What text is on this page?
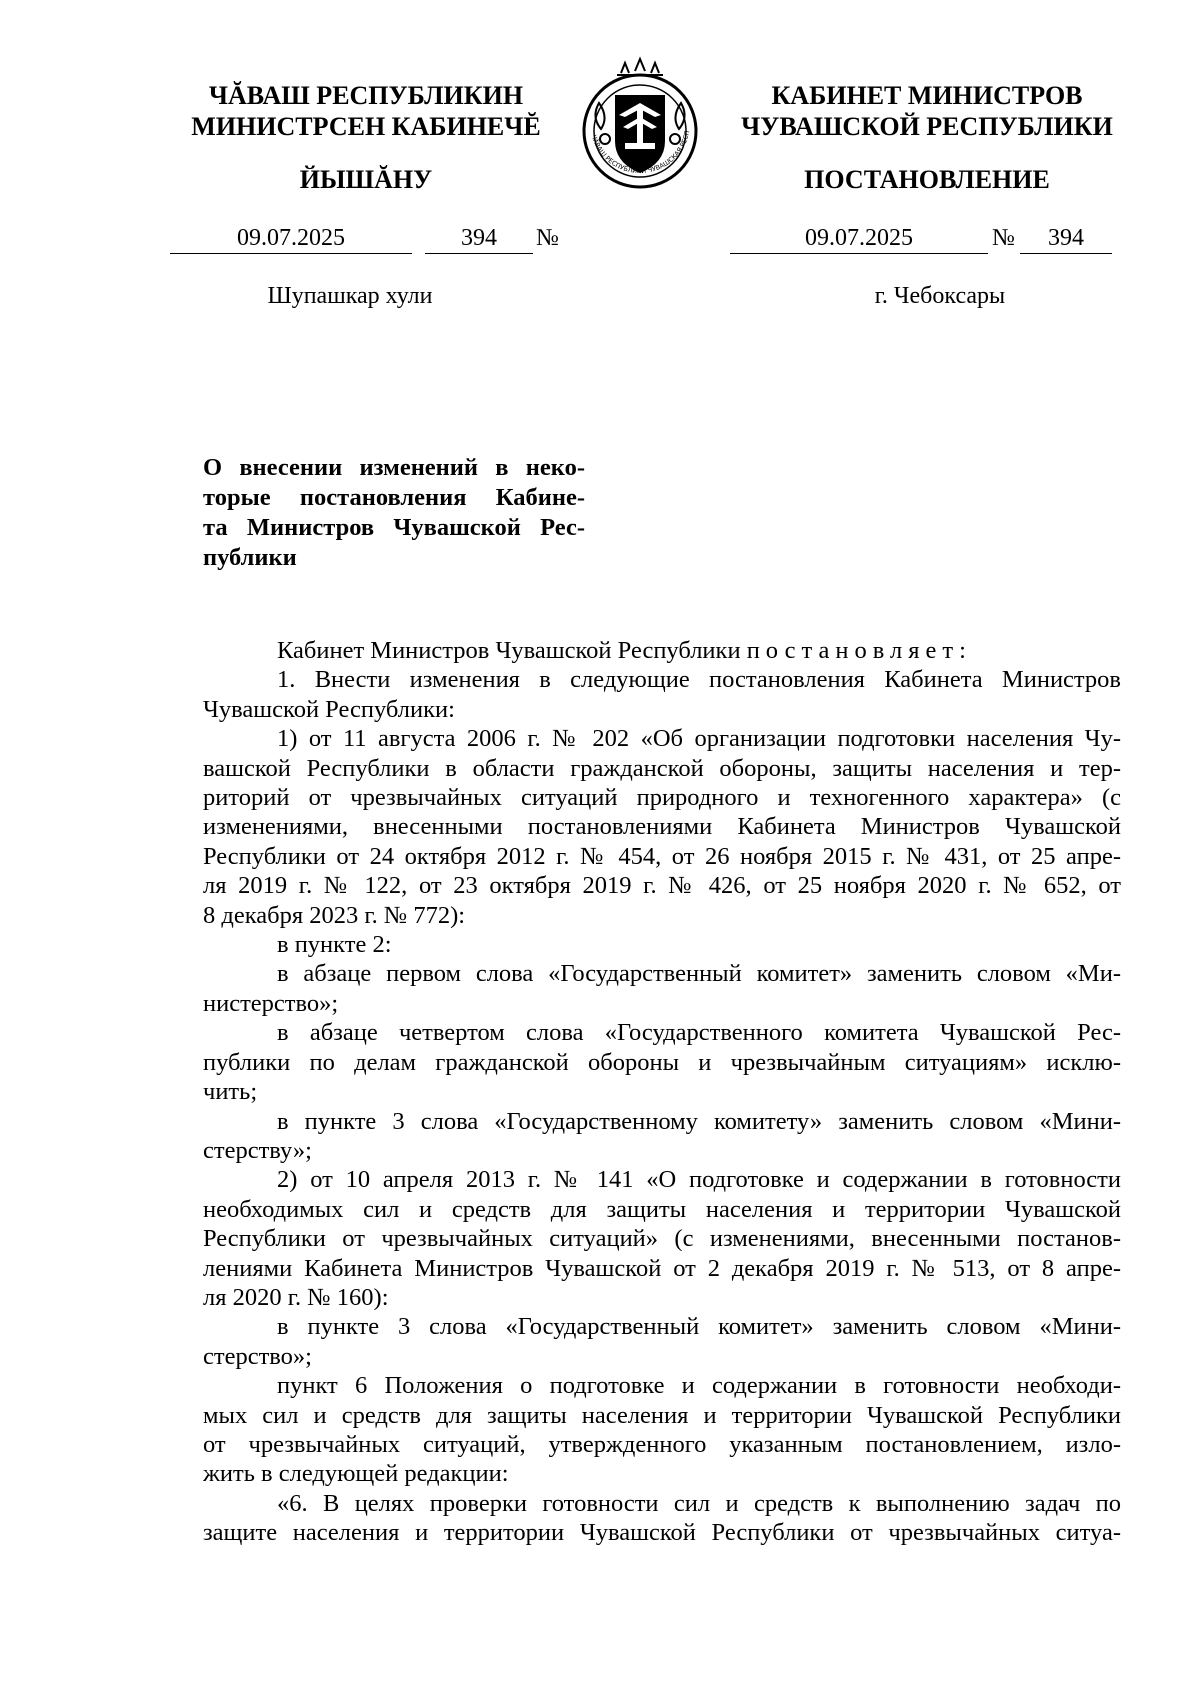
ЧĂВАШ РЕСПУБЛИКИН
МИНИСТРСЕН КАБИНЕЧĔ
КАБИНЕТ МИНИСТРОВ
ЧУВАШСКОЙ РЕСПУБЛИКИ
ЧĂВАШ РЕСПУБЛИКИ ЧУВАШСКАЯ РЕСП
ЙЫШĂНУ	ПОСТАНОВЛЕНИЕ
09.07.2025	394	№	09.07.2025	№	394
Шупашкар хули	г. Чебоксары
О внесении изменений в неко-
торые постановления Кабине-
та Министров Чувашской Рес-
публики
Кабинет Министров Чувашской Республики постановляет:
1. Внести изменения в следующие постановления Кабинета Министров
Чувашской Республики:
1) от 11 августа 2006 г. № 202 «Об организации подготовки населения Чу-
вашской Республики в области гражданской обороны, защиты населения и тер-
риторий от чрезвычайных ситуаций природного и техногенного характера» (с
изменениями, внесенными постановлениями Кабинета Министров Чувашской
Республики от 24 октября 2012 г. № 454, от 26 ноября 2015 г. № 431, от 25 апре-
ля 2019 г. № 122, от 23 октября 2019 г. № 426, от 25 ноября 2020 г. № 652, от
8 декабря 2023 г. № 772):
в пункте 2:
в абзаце первом слова «Государственный комитет» заменить словом «Ми-
нистерство»;
в абзаце четвертом слова «Государственного комитета Чувашской Рес-
публики по делам гражданской обороны и чрезвычайным ситуациям» исклю-
чить;
в пункте 3 слова «Государственному комитету» заменить словом «Мини-
стерству»;
2) от 10 апреля 2013 г. № 141 «О подготовке и содержании в готовности
необходимых сил и средств для защиты населения и территории Чувашской
Республики от чрезвычайных ситуаций» (с изменениями, внесенными постанов-
лениями Кабинета Министров Чувашской от 2 декабря 2019 г. № 513, от 8 апре-
ля 2020 г. № 160):
в пункте 3 слова «Государственный комитет» заменить словом «Мини-
стерство»;
пункт 6 Положения о подготовке и содержании в готовности необходи-
мых сил и средств для защиты населения и территории Чувашской Республики
от чрезвычайных ситуаций, утвержденного указанным постановлением, изло-
жить в следующей редакции:
«6. В целях проверки готовности сил и средств к выполнению задач по
защите населения и территории Чувашской Республики от чрезвычайных ситуа-
